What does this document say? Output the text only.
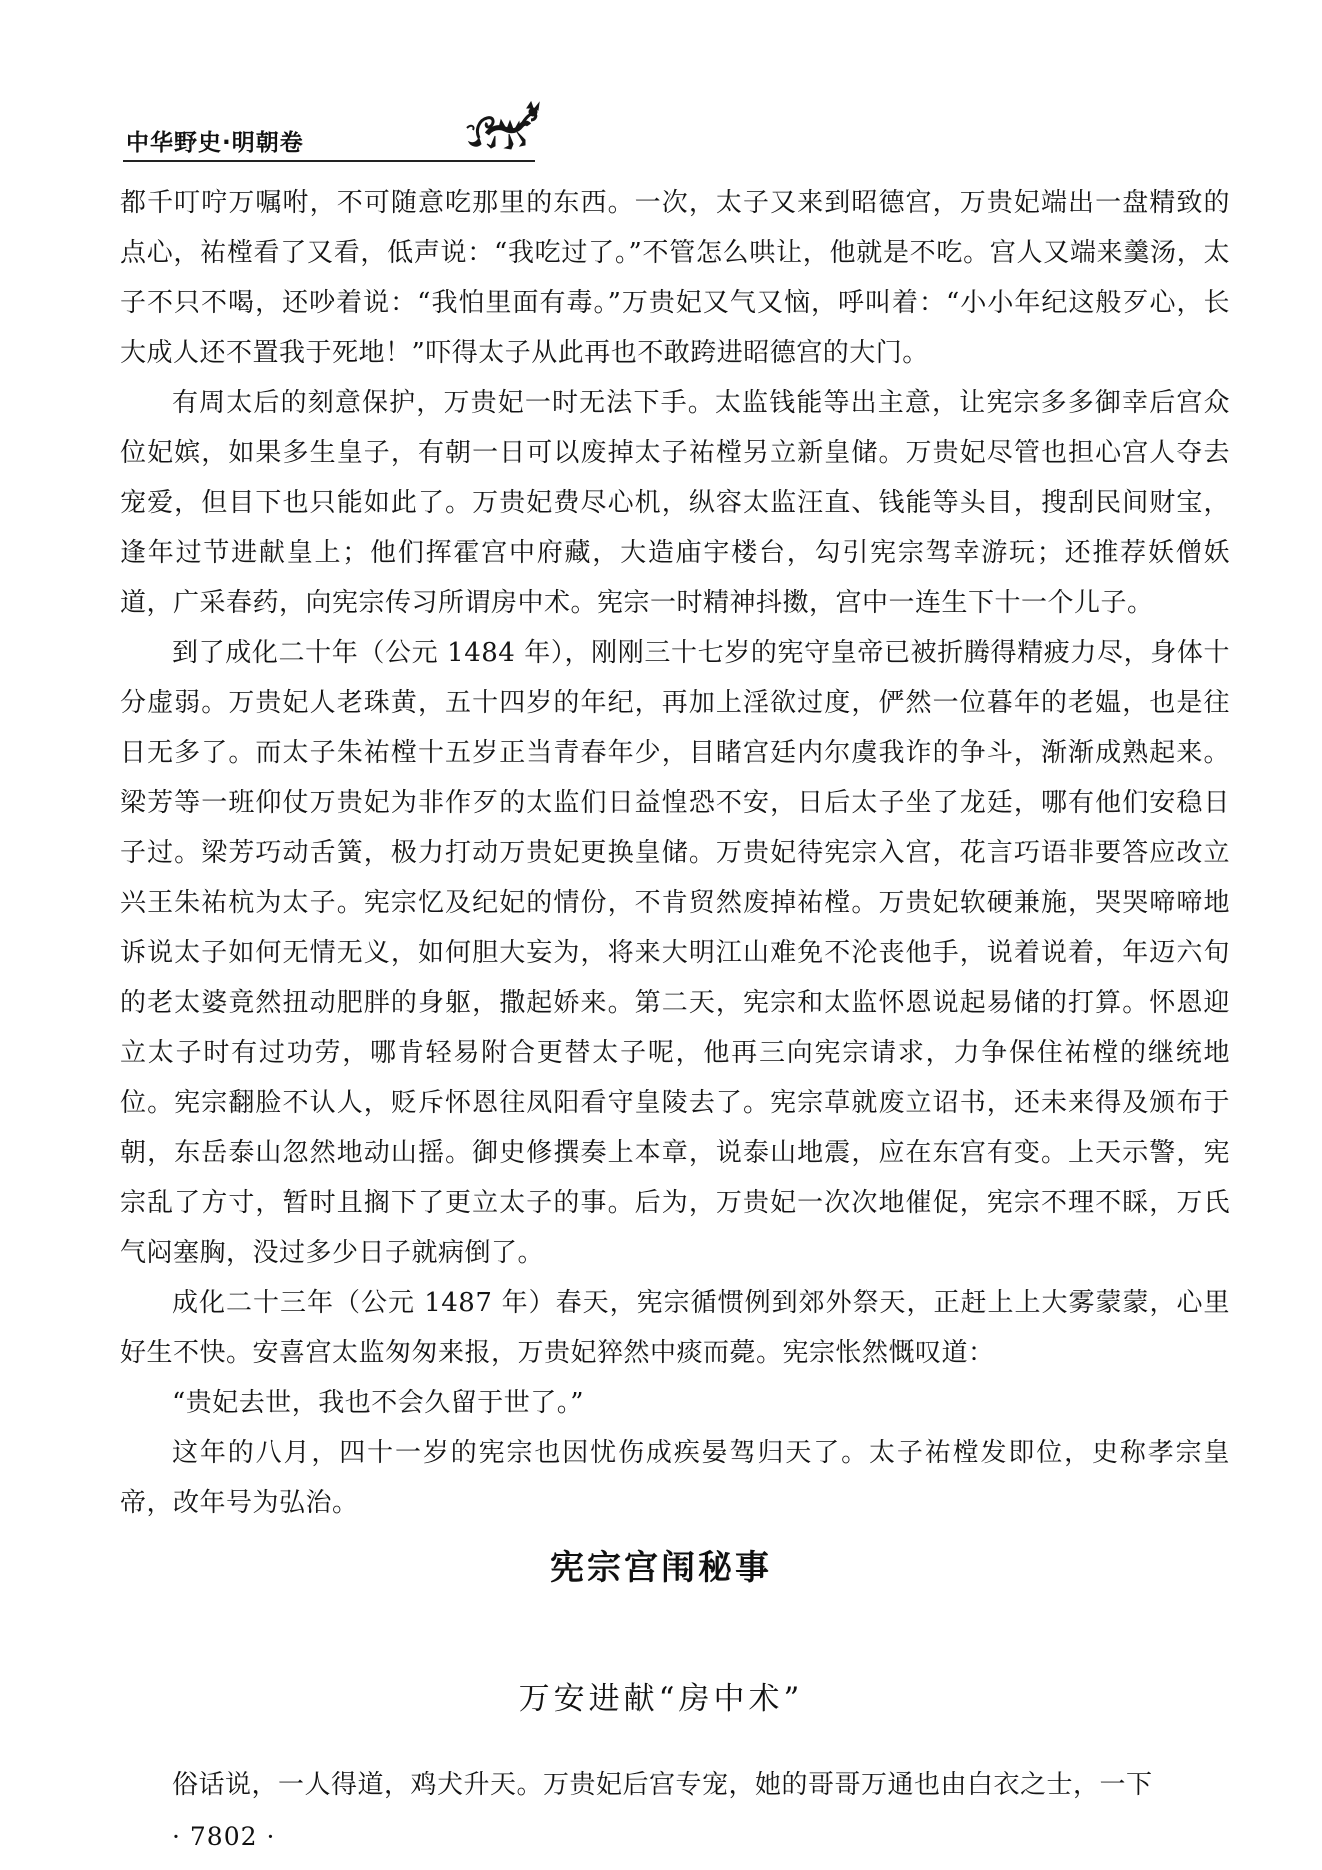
中华野史·明朝卷

都千叮咛万嘱咐，不可随意吃那里的东西。一次，太子又来到昭德宫，万贵妃端出一盘精致的点心，祐樘看了又看，低声说：“我吃过了。”不管怎么哄让，他就是不吃。宫人又端来羹汤，太子不只不喝，还吵着说：“我怕里面有毒。”万贵妃又气又恼，呼叫着：“小小年纪这般歹心，长大成人还不置我于死地！”吓得太子从此再也不敢跨进昭德宫的大门。

有周太后的刻意保护，万贵妃一时无法下手。太监钱能等出主意，让宪宗多多御幸后宫众位妃嫔，如果多生皇子，有朝一日可以废掉太子祐樘另立新皇储。万贵妃尽管也担心宫人夺去宠爱，但目下也只能如此了。万贵妃费尽心机，纵容太监汪直、钱能等头目，搜刮民间财宝，逢年过节进献皇上；他们挥霍宫中府藏，大造庙宇楼台，勾引宪宗驾幸游玩；还推荐妖僧妖道，广采春药，向宪宗传习所谓房中术。宪宗一时精神抖擞，宫中一连生下十一个儿子。

到了成化二十年（公元 1484 年），刚刚三十七岁的宪守皇帝已被折腾得精疲力尽，身体十分虚弱。万贵妃人老珠黄，五十四岁的年纪，再加上淫欲过度，俨然一位暮年的老媪，也是往日无多了。而太子朱祐樘十五岁正当青春年少，目睹宫廷内尔虞我诈的争斗，渐渐成熟起来。梁芳等一班仰仗万贵妃为非作歹的太监们日益惶恐不安，日后太子坐了龙廷，哪有他们安稳日子过。梁芳巧动舌簧，极力打动万贵妃更换皇储。万贵妃待宪宗入宫，花言巧语非要答应改立兴王朱祐杭为太子。宪宗忆及纪妃的情份，不肯贸然废掉祐樘。万贵妃软硬兼施，哭哭啼啼地诉说太子如何无情无义，如何胆大妄为，将来大明江山难免不沦丧他手，说着说着，年迈六旬的老太婆竟然扭动肥胖的身躯，撒起娇来。第二天，宪宗和太监怀恩说起易储的打算。怀恩迎立太子时有过功劳，哪肯轻易附合更替太子呢，他再三向宪宗请求，力争保住祐樘的继统地位。宪宗翻脸不认人，贬斥怀恩往凤阳看守皇陵去了。宪宗草就废立诏书，还未来得及颁布于朝，东岳泰山忽然地动山摇。御史修撰奏上本章，说泰山地震，应在东宫有变。上天示警，宪宗乱了方寸，暂时且搁下了更立太子的事。后为，万贵妃一次次地催促，宪宗不理不睬，万氏气闷塞胸，没过多少日子就病倒了。

成化二十三年（公元 1487 年）春天，宪宗循惯例到郊外祭天，正赶上上大雾蒙蒙，心里好生不快。安喜宫太监匆匆来报，万贵妃猝然中痰而薨。宪宗怅然慨叹道：

“贵妃去世，我也不会久留于世了。”

这年的八月，四十一岁的宪宗也因忧伤成疾晏驾归天了。太子祐樘发即位，史称孝宗皇帝，改年号为弘治。

宪宗宫闱秘事
万安进献“房中术”

俗话说，一人得道，鸡犬升天。万贵妃后宫专宠，她的哥哥万通也由白衣之士，一下

· 7802 ·
